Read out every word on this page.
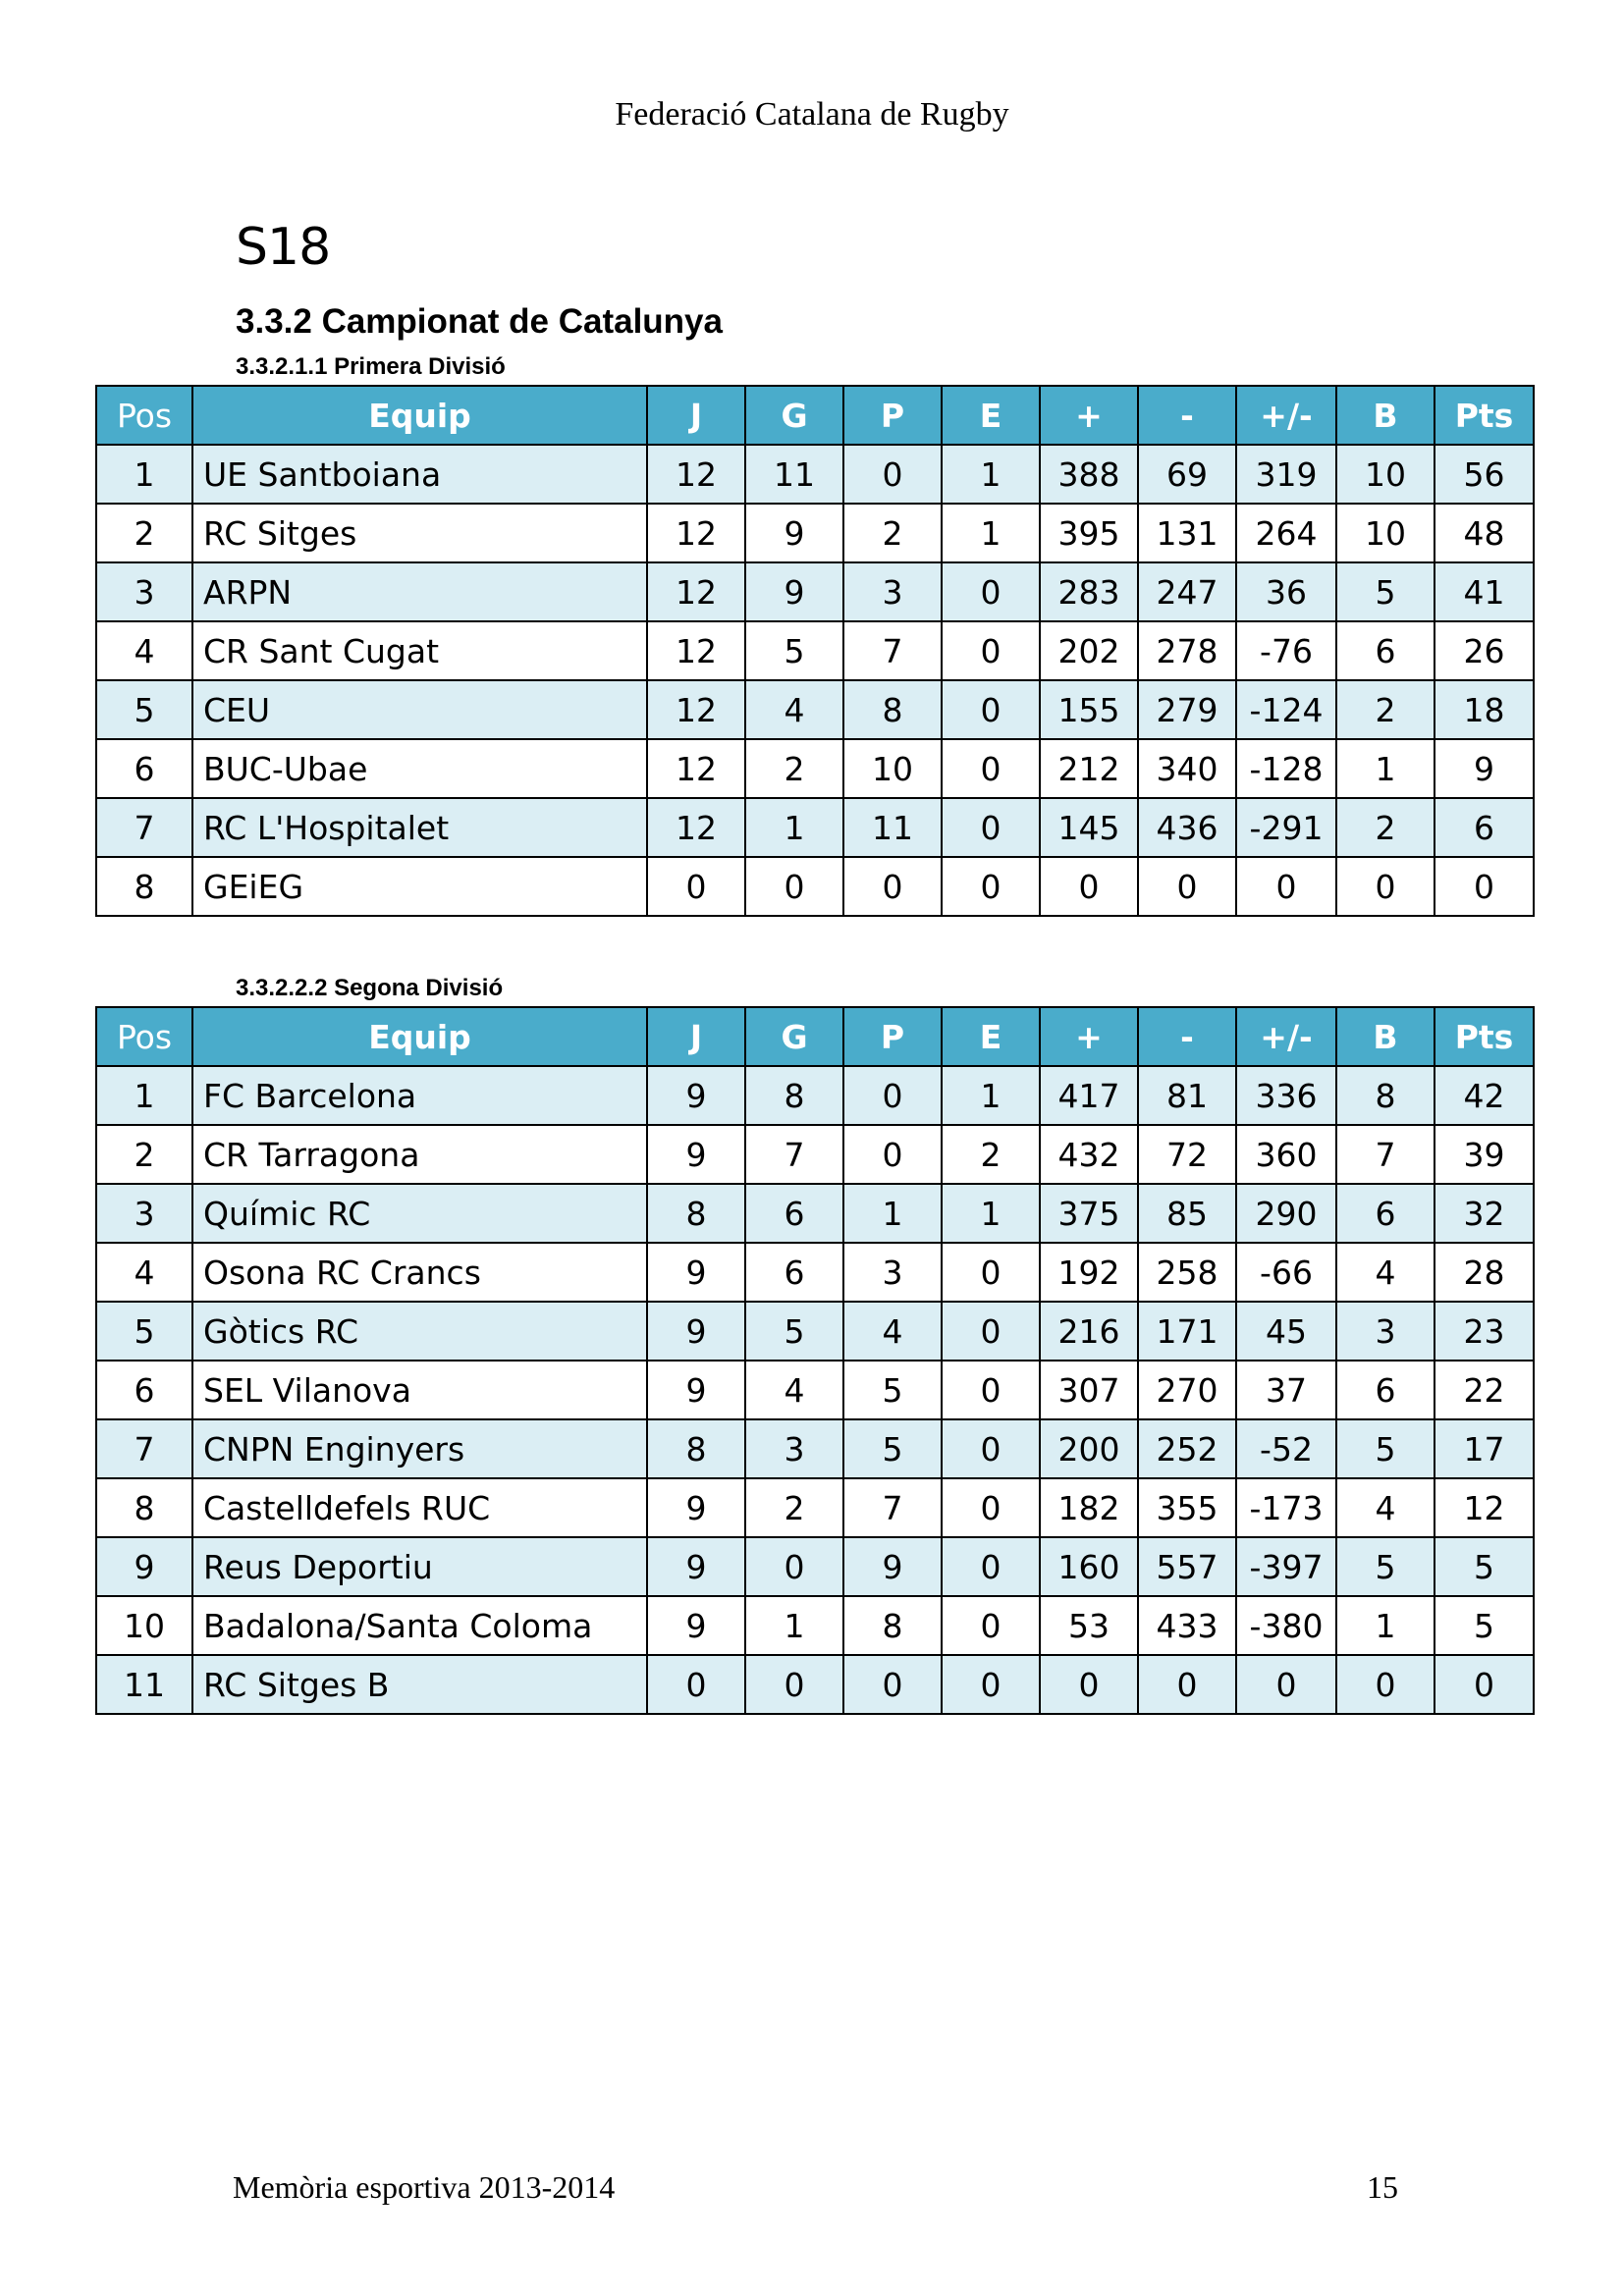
Federació Catalana de Rugby
S18
3.3.2 Campionat de Catalunya
3.3.2.1.1 Primera Divisió
Pos	Equip	J	G	P	E	+	-	+/-	B	Pts
1	UE Santboiana	12	11	0	1	388	69	319	10	56
2	RC Sitges	12	9	2	1	395	131	264	10	48
3	ARPN	12	9	3	0	283	247	36	5	41
4	CR Sant Cugat	12	5	7	0	202	278	-76	6	26
5	CEU	12	4	8	0	155	279	-124	2	18
6	BUC-Ubae	12	2	10	0	212	340	-128	1	9
7	RC L'Hospitalet	12	1	11	0	145	436	-291	2	6
8	GEiEG	0	0	0	0	0	0	0	0	0
3.3.2.2.2 Segona Divisió
Pos	Equip	J	G	P	E	+	-	+/-	B	Pts
1	FC Barcelona	9	8	0	1	417	81	336	8	42
2	CR Tarragona	9	7	0	2	432	72	360	7	39
3	Químic RC	8	6	1	1	375	85	290	6	32
4	Osona RC Crancs	9	6	3	0	192	258	-66	4	28
5	Gòtics RC	9	5	4	0	216	171	45	3	23
6	SEL Vilanova	9	4	5	0	307	270	37	6	22
7	CNPN Enginyers	8	3	5	0	200	252	-52	5	17
8	Castelldefels RUC	9	2	7	0	182	355	-173	4	12
9	Reus Deportiu	9	0	9	0	160	557	-397	5	5
10	Badalona/Santa Coloma	9	1	8	0	53	433	-380	1	5
11	RC Sitges B	0	0	0	0	0	0	0	0	0
Memòria esportiva 2013-2014	15
